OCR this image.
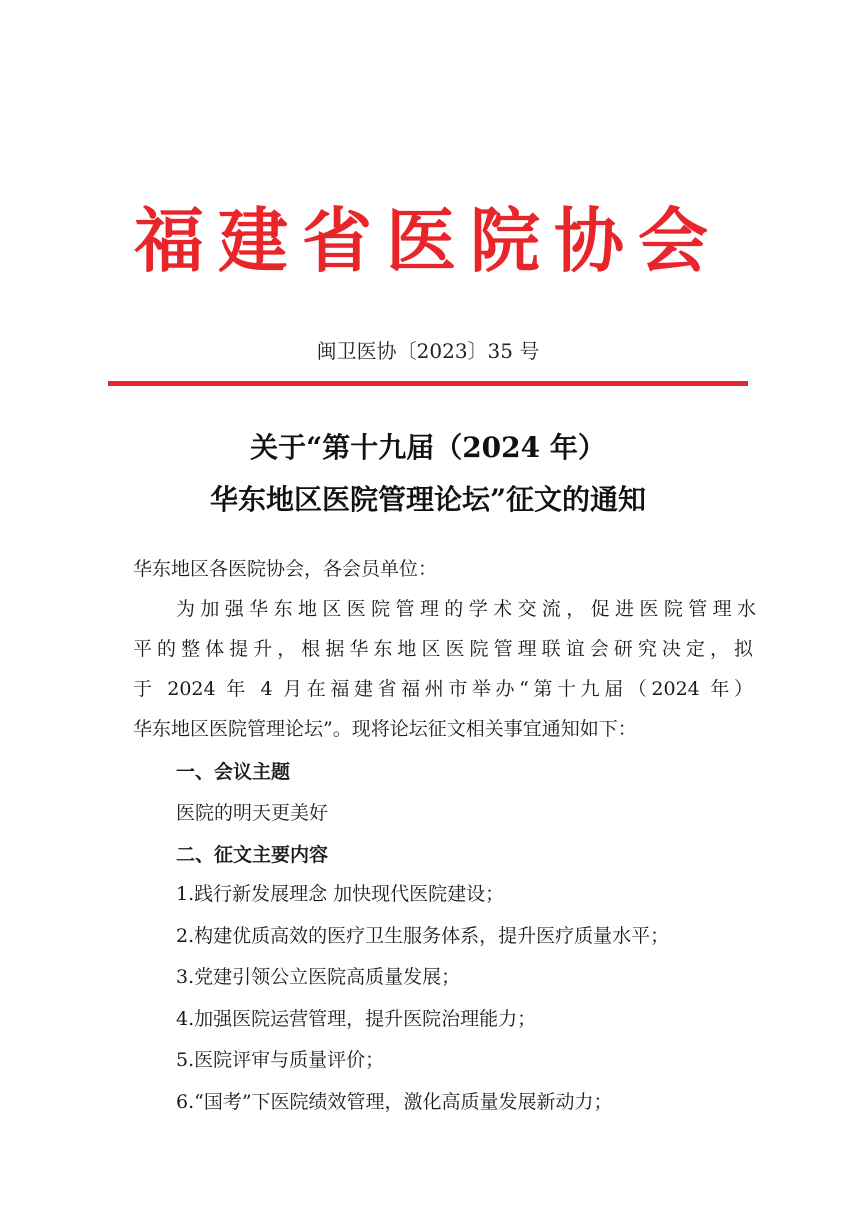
福建省医院协会
闽卫医协〔2023〕35 号
关于“第十九届（2024 年）
华东地区医院管理论坛”征文的通知
华东地区各医院协会，各会员单位：
为加强华东地区医院管理的学术交流，促进医院管理水
平的整体提升，根据华东地区医院管理联谊会研究决定，拟
于 2024 年 4 月在福建省福州市举办“第十九届（2024 年）
华东地区医院管理论坛”。现将论坛征文相关事宜通知如下：
一、会议主题
医院的明天更美好
二、征文主要内容
1.践行新发展理念 加快现代医院建设；
2.构建优质高效的医疗卫生服务体系，提升医疗质量水平；
3.党建引领公立医院高质量发展；
4.加强医院运营管理，提升医院治理能力；
5.医院评审与质量评价；
6.“国考”下医院绩效管理，激化高质量发展新动力；
